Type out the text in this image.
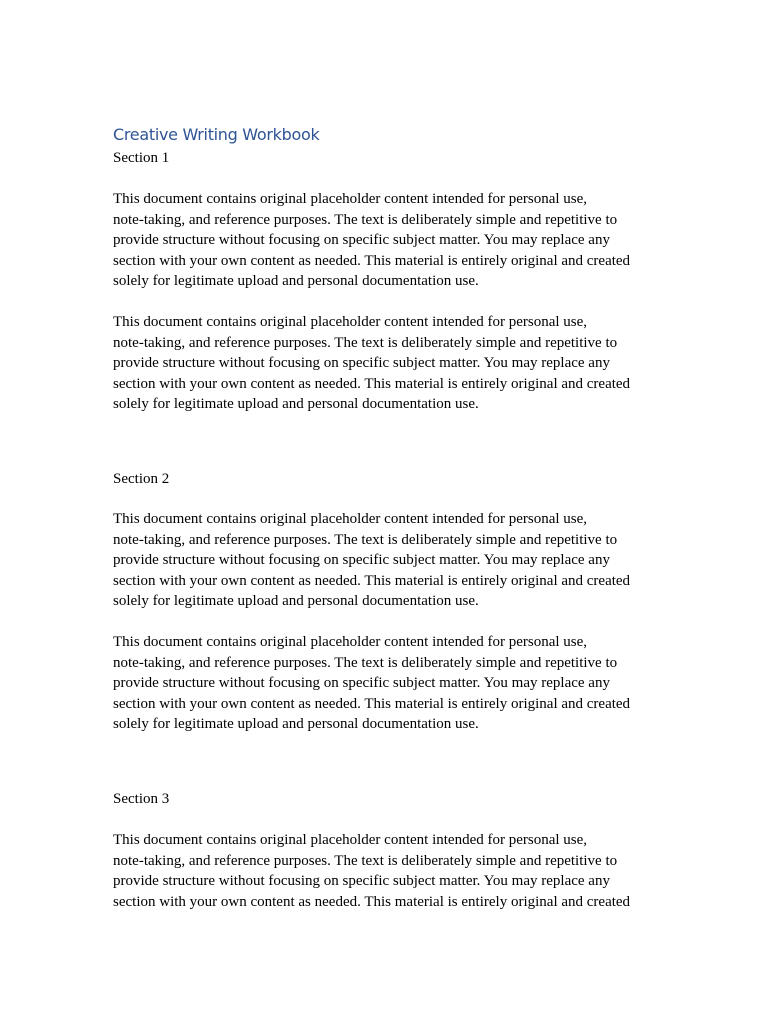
Creative Writing Workbook
Section 1

This document contains original placeholder content intended for personal use,
note-taking, and reference purposes. The text is deliberately simple and repetitive to
provide structure without focusing on specific subject matter. You may replace any
section with your own content as needed. This material is entirely original and created
solely for legitimate upload and personal documentation use.

This document contains original placeholder content intended for personal use,
note-taking, and reference purposes. The text is deliberately simple and repetitive to
provide structure without focusing on specific subject matter. You may replace any
section with your own content as needed. This material is entirely original and created
solely for legitimate upload and personal documentation use.

Section 2

This document contains original placeholder content intended for personal use,
note-taking, and reference purposes. The text is deliberately simple and repetitive to
provide structure without focusing on specific subject matter. You may replace any
section with your own content as needed. This material is entirely original and created
solely for legitimate upload and personal documentation use.

This document contains original placeholder content intended for personal use,
note-taking, and reference purposes. The text is deliberately simple and repetitive to
provide structure without focusing on specific subject matter. You may replace any
section with your own content as needed. This material is entirely original and created
solely for legitimate upload and personal documentation use.

Section 3

This document contains original placeholder content intended for personal use,
note-taking, and reference purposes. The text is deliberately simple and repetitive to
provide structure without focusing on specific subject matter. You may replace any
section with your own content as needed. This material is entirely original and created
